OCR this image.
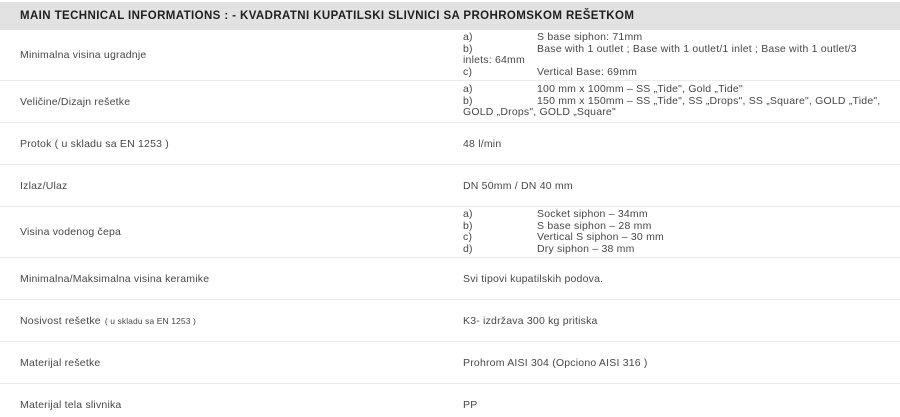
MAIN TECHNICAL INFORMATIONS : - KVADRATNI KUPATILSKI SLIVNICI SA PROHROMSKOM REŠETKOM
Minimalna visina ugradnje
a)	S base siphon: 71mm
b)	Base with 1 outlet ; Base with 1 outlet/1 inlet ; Base with 1 outlet/3 inlets: 64mm
c)	Vertical Base: 69mm
Veličine/Dizajn rešetke
a)	100 mm x 100mm – SS „Tide", Gold „Tide"
b)	150 mm x 150mm – SS „Tide", SS „Drops", SS „Square", GOLD „Tide", GOLD „Drops", GOLD „Square"
Protok ( u skladu sa EN 1253 )	48 l/min
Izlaz/Ulaz	DN 50mm / DN 40 mm
Visina vodenog čepa
a)	Socket siphon – 34mm
b)	S base siphon – 28 mm
c)	Vertical S siphon – 30 mm
d)	Dry siphon – 38 mm
Minimalna/Maksimalna visina keramike	Svi tipovi kupatilskih podova.
Nosivost rešetke ( u skladu sa EN 1253 )	K3- izdržava 300 kg pritiska
Materijal rešetke	Prohrom AISI 304 (Opciono AISI 316 )
Materijal tela slivnika	PP
